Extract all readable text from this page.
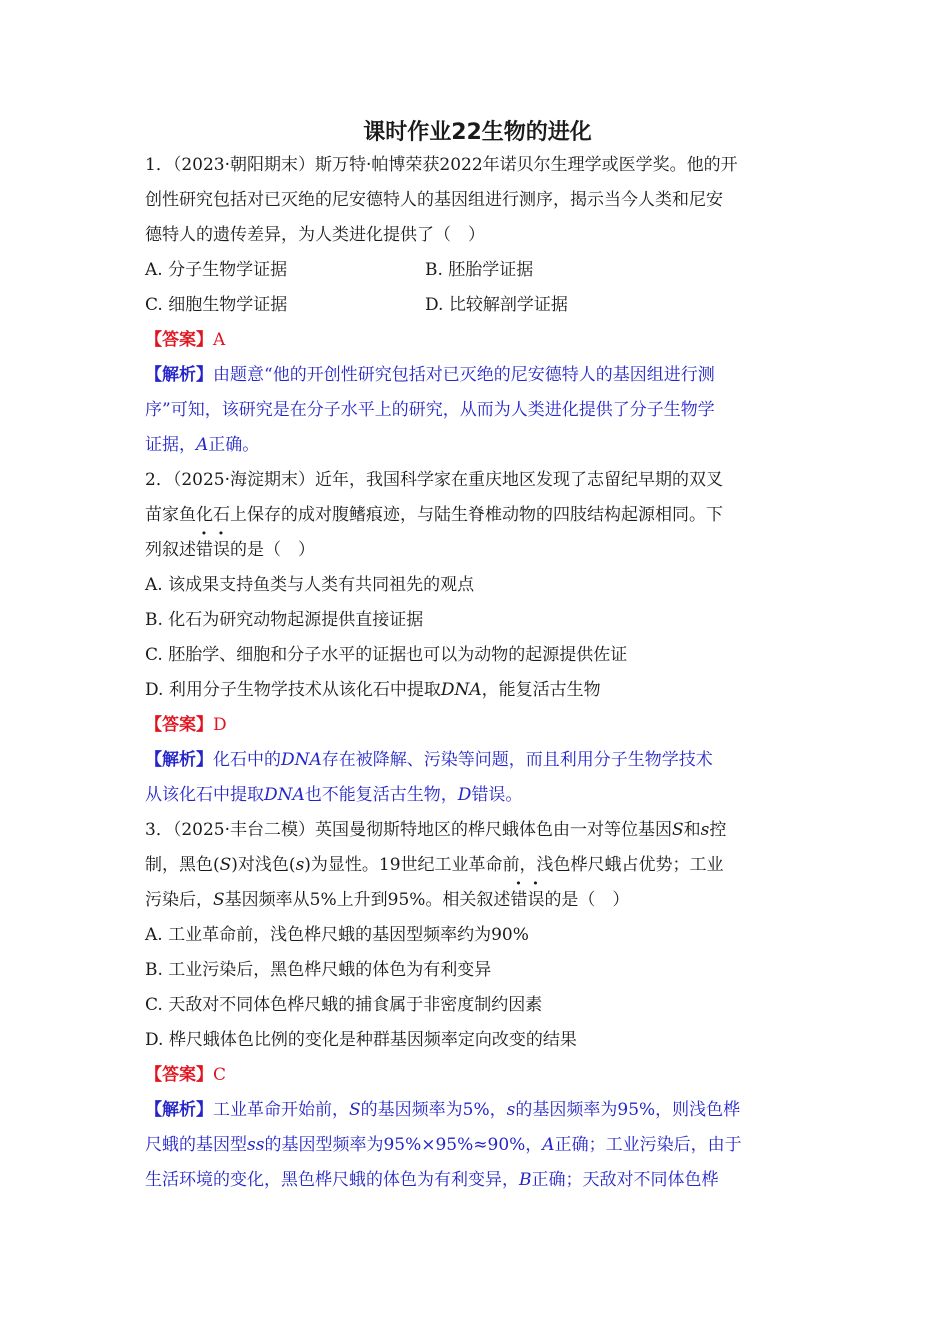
课时作业22生物的进化
1．（2023·朝阳期末）斯万特·帕博荣获2022年诺贝尔生理学或医学奖。他的开
创性研究包括对已灭绝的尼安德特人的基因组进行测序，揭示当今人类和尼安
德特人的遗传差异，为人类进化提供了（　）
A. 分子生物学证据	B. 胚胎学证据
C. 细胞生物学证据	D. 比较解剖学证据
【答案】A
【解析】由题意“他的开创性研究包括对已灭绝的尼安德特人的基因组进行测
序”可知，该研究是在分子水平上的研究，从而为人类进化提供了分子生物学
证据，A正确。
2．（2025·海淀期末）近年，我国科学家在重庆地区发现了志留纪早期的双叉
苗家鱼化石上保存的成对腹鳍痕迹，与陆生脊椎动物的四肢结构起源相同。下
列叙述错误的是（　）
A. 该成果支持鱼类与人类有共同祖先的观点
B. 化石为研究动物起源提供直接证据
C. 胚胎学、细胞和分子水平的证据也可以为动物的起源提供佐证
D. 利用分子生物学技术从该化石中提取DNA，能复活古生物
【答案】D
【解析】化石中的DNA存在被降解、污染等问题，而且利用分子生物学技术
从该化石中提取DNA也不能复活古生物，D错误。
3．（2025·丰台二模）英国曼彻斯特地区的桦尺蛾体色由一对等位基因S和s控
制，黑色(S)对浅色(s)为显性。19世纪工业革命前，浅色桦尺蛾占优势；工业
污染后，S基因频率从5%上升到95%。相关叙述错误的是（　）
A. 工业革命前，浅色桦尺蛾的基因型频率约为90%
B. 工业污染后，黑色桦尺蛾的体色为有利变异
C. 天敌对不同体色桦尺蛾的捕食属于非密度制约因素
D. 桦尺蛾体色比例的变化是种群基因频率定向改变的结果
【答案】C
【解析】工业革命开始前，S的基因频率为5%，s的基因频率为95%，则浅色桦
尺蛾的基因型ss的基因型频率为95%×95%≈90%，A正确；工业污染后，由于
生活环境的变化，黑色桦尺蛾的体色为有利变异，B正确；天敌对不同体色桦
